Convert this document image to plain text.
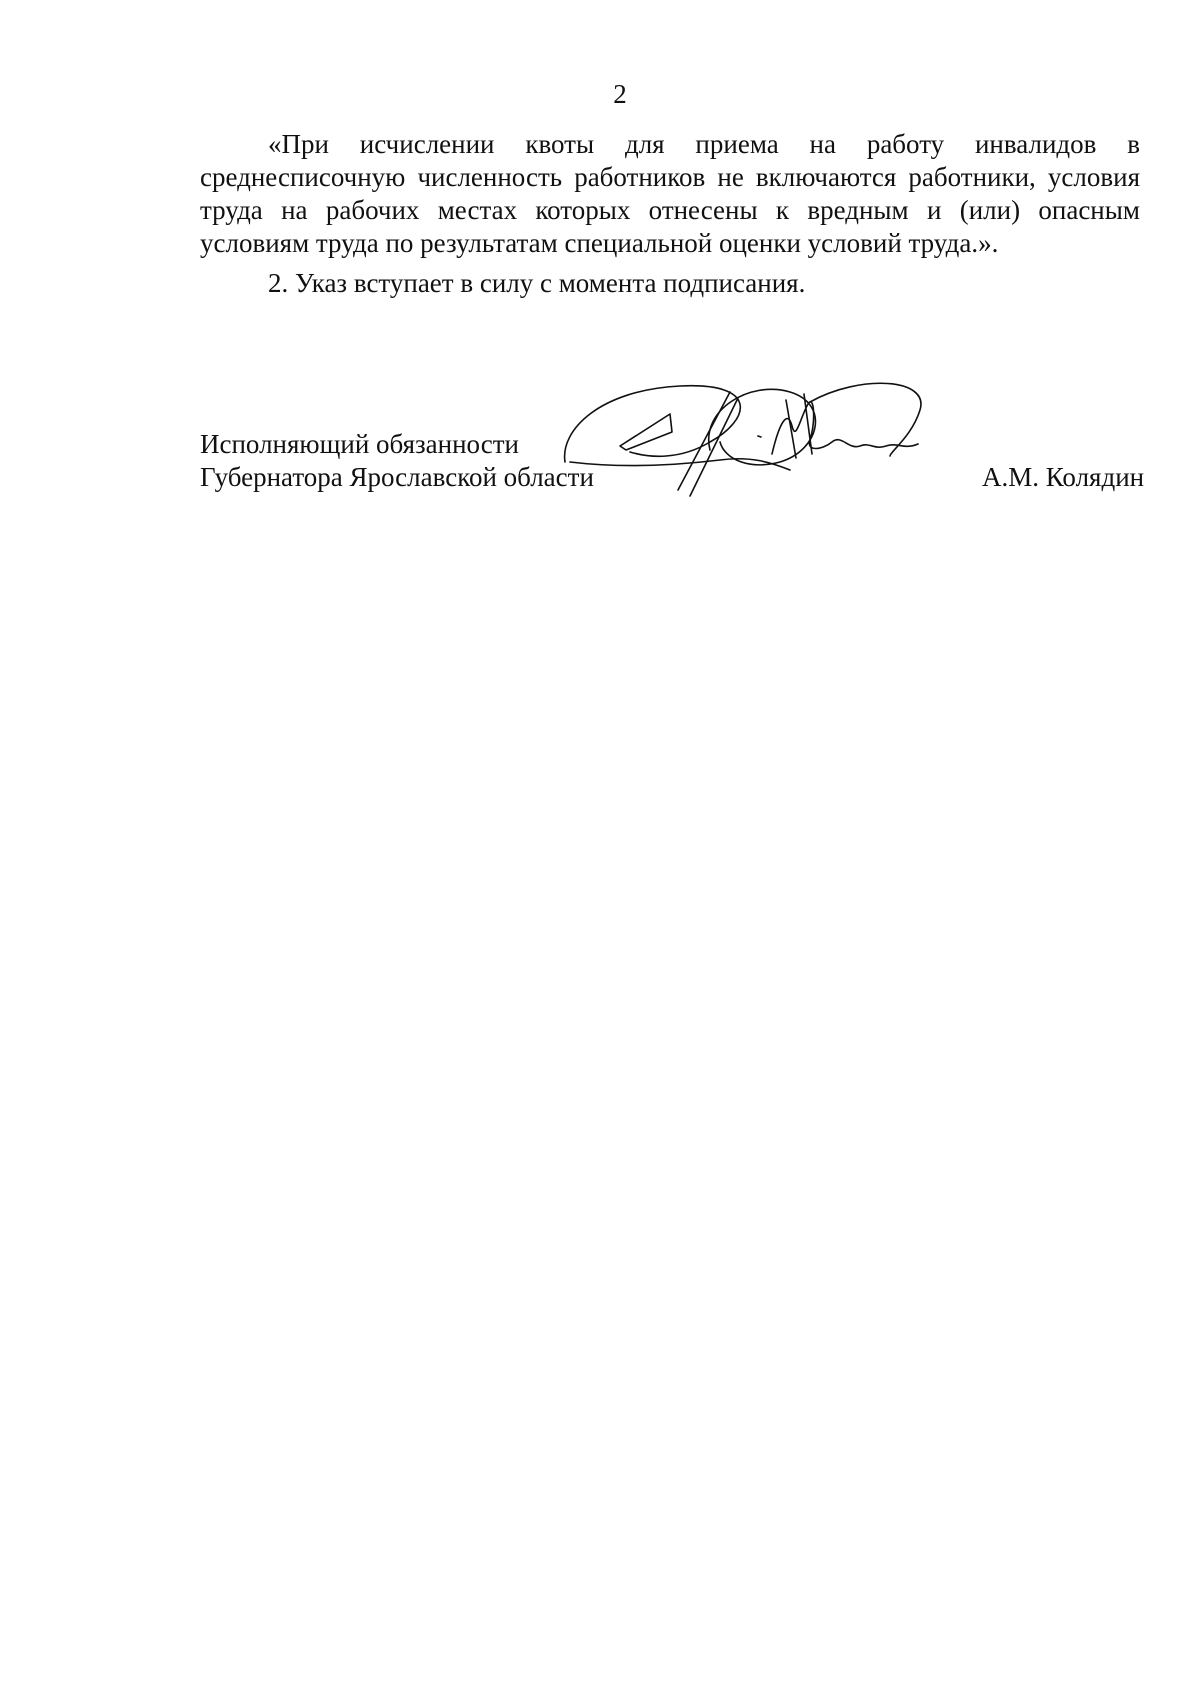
2

«При исчислении квоты для приема на работу инвалидов в среднесписочную численность работников не включаются работники, условия труда на рабочих местах которых отнесены к вредным и (или) опасным условиям труда по результатам специальной оценки условий труда.».

2. Указ вступает в силу с момента подписания.

Исполняющий обязанности
Губернатора Ярославской области	А.М. Колядин
